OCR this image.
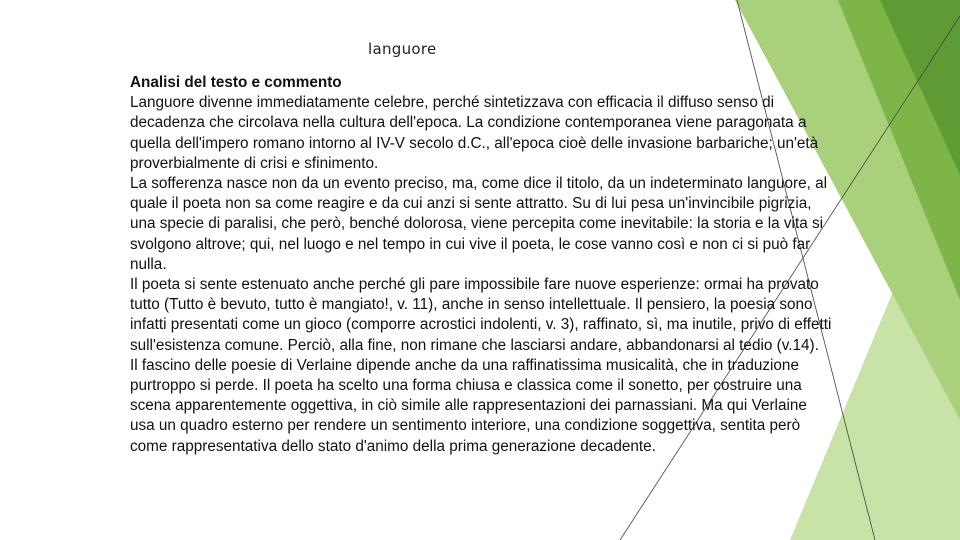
languore

Analisi del testo e commento

Languore divenne immediatamente celebre, perché sintetizzava con efficacia il diffuso senso di decadenza che circolava nella cultura dell'epoca. La condizione contemporanea viene paragonata a quella dell'impero romano intorno al IV-V secolo d.C., all'epoca cioè delle invasione barbariche; un'età proverbialmente di crisi e sfinimento.

La sofferenza nasce non da un evento preciso, ma, come dice il titolo, da un indeterminato languore, al quale il poeta non sa come reagire e da cui anzi si sente attratto. Su di lui pesa un'invincibile pigrizia, una specie di paralisi, che però, benché dolorosa, viene percepita come inevitabile: la storia e la vita si svolgono altrove; qui, nel luogo e nel tempo in cui vive il poeta, le cose vanno così e non ci si può far nulla.

Il poeta si sente estenuato anche perché gli pare impossibile fare nuove esperienze: ormai ha provato tutto (Tutto è bevuto, tutto è mangiato!, v. 11), anche in senso intellettuale. Il pensiero, la poesia sono infatti presentati come un gioco (comporre acrostici indolenti, v. 3), raffinato, sì, ma inutile, privo di effetti sull'esistenza comune. Perciò, alla fine, non rimane che lasciarsi andare, abbandonarsi al tedio (v.14).

Il fascino delle poesie di Verlaine dipende anche da una raffinatissima musicalità, che in traduzione purtroppo si perde. Il poeta ha scelto una forma chiusa e classica come il sonetto, per costruire una scena apparentemente oggettiva, in ciò simile alle rappresentazioni dei parnassiani. Ma qui Verlaine usa un quadro esterno per rendere un sentimento interiore, una condizione soggettiva, sentita però come rappresentativa dello stato d'animo della prima generazione decadente.
